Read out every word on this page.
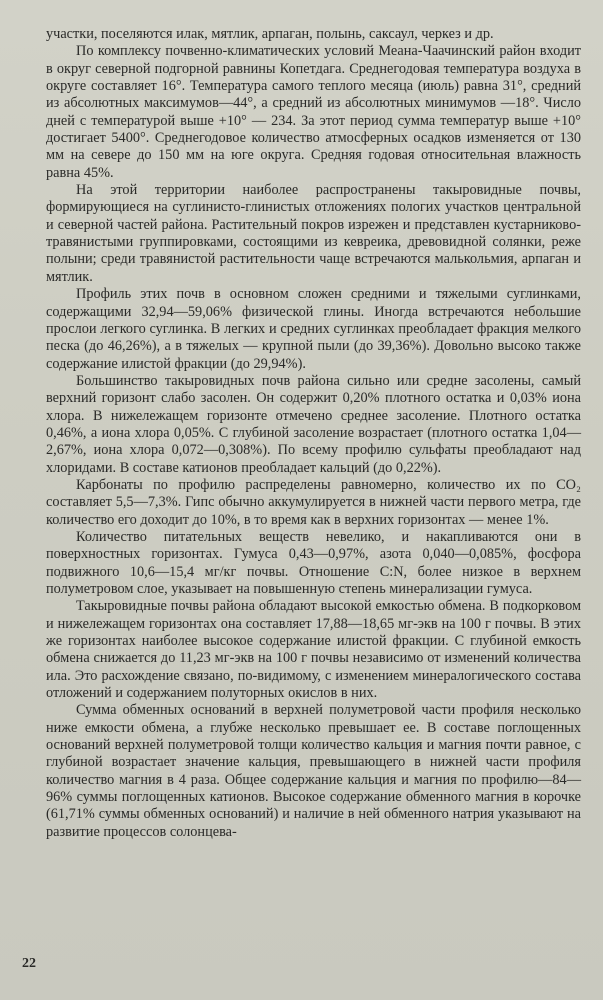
участки, поселяются илак, мятлик, арпаган, полынь, саксаул, черкез и др.

По комплексу почвенно-климатических условий Меана-Чаачинский район входит в округ северной подгорной равнины Копетдага. Среднегодовая температура воздуха в округе составляет 16°. Температура самого теплого месяца (июль) равна 31°, средний из абсолютных максимумов—44°, а средний из абсолютных минимумов —18°. Число дней с температурой выше +10° — 234. За этот период сумма температур выше +10° достигает 5400°. Среднегодовое количество атмосферных осадков изменяется от 130 мм на севере до 150 мм на юге округа. Средняя годовая относительная влажность равна 45%.

На этой территории наиболее распространены такыровидные почвы, формирующиеся на суглинисто-глинистых отложениях пологих участков центральной и северной частей района. Растительный покров изрежен и представлен кустарниково-травянистыми группировками, состоящими из кевреика, древовидной солянки, реже полыни; среди травянистой растительности чаще встречаются малькольмия, арпаган и мятлик.

Профиль этих почв в основном сложен средними и тяжелыми суглинками, содержащими 32,94—59,06% физической глины. Иногда встречаются небольшие прослои легкого суглинка. В легких и средних суглинках преобладает фракция мелкого песка (до 46,26%), а в тяжелых — крупной пыли (до 39,36%). Довольно высоко также содержание илистой фракции (до 29,94%).

Большинство такыровидных почв района сильно или средне засолены, самый верхний горизонт слабо засолен. Он содержит 0,20% плотного остатка и 0,03% иона хлора. В нижележащем горизонте отмечено среднее засоление. Плотного остатка 0,46%, а иона хлора 0,05%. С глубиной засоление возрастает (плотного остатка 1,04—2,67%, иона хлора 0,072—0,308%). По всему профилю сульфаты преобладают над хлоридами. В составе катионов преобладает кальций (до 0,22%).

Карбонаты по профилю распределены равномерно, количество их по CO₂ составляет 5,5—7,3%. Гипс обычно аккумулируется в нижней части первого метра, где количество его доходит до 10%, в то время как в верхних горизонтах — менее 1%.

Количество питательных веществ невелико, и накапливаются они в поверхностных горизонтах. Гумуса 0,43—0,97%, азота 0,040—0,085%, фосфора подвижного 10,6—15,4 мг/кг почвы. Отношение C:N, более низкое в верхнем полуметровом слое, указывает на повышенную степень минерализации гумуса.

Такыровидные почвы района обладают высокой емкостью обмена. В подкорковом и нижележащем горизонтах она составляет 17,88—18,65 мг-экв на 100 г почвы. В этих же горизонтах наиболее высокое содержание илистой фракции. С глубиной емкость обмена снижается до 11,23 мг-экв на 100 г почвы независимо от изменений количества ила. Это расхождение связано, по-видимому, с изменением минералогического состава отложений и содержанием полуторных окислов в них.

Сумма обменных оснований в верхней полуметровой части профиля несколько ниже емкости обмена, а глубже несколько превышает ее. В составе поглощенных оснований верхней полуметровой толщи количество кальция и магния почти равное, с глубиной возрастает значение кальция, превышающего в нижней части профиля количество магния в 4 раза. Общее содержание кальция и магния по профилю—84—96% суммы поглощенных катионов. Высокое содержание обменного магния в корочке (61,71% суммы обменных оснований) и наличие в ней обменного натрия указывают на развитие процессов солонцева-

22
